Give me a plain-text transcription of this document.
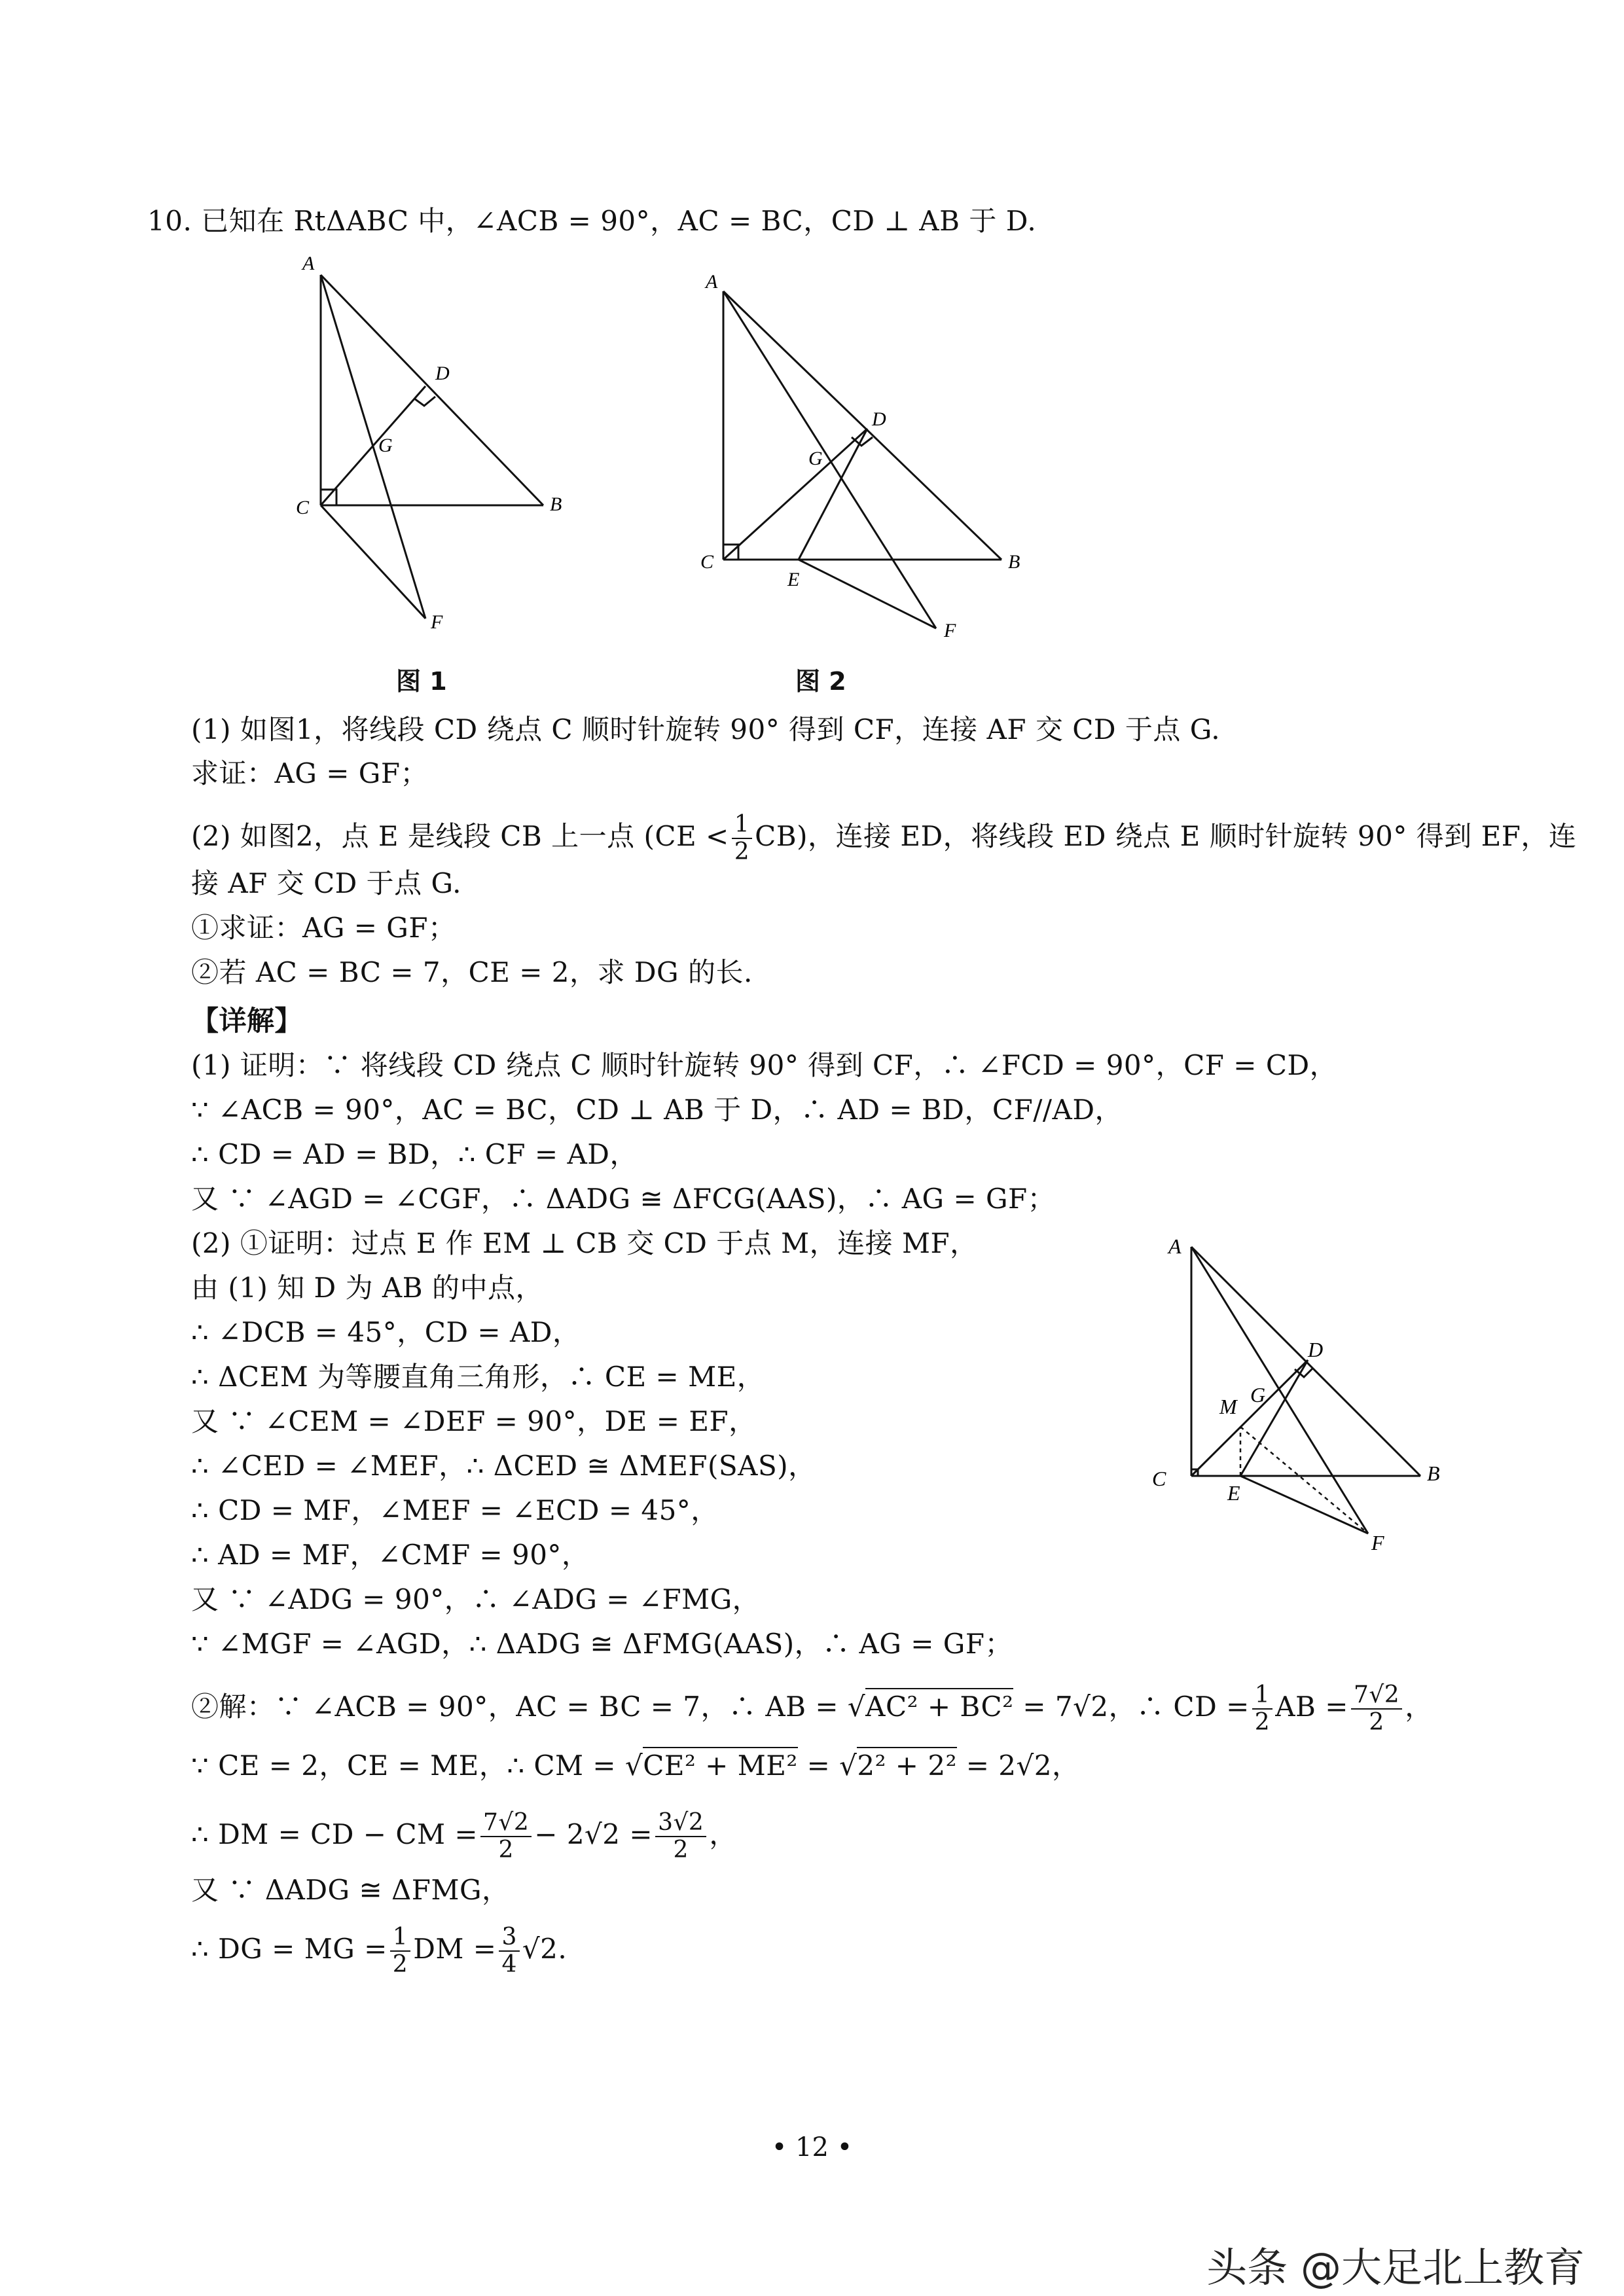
10. 已知在 RtΔABC 中，∠ACB = 90°，AC = BC，CD ⊥ AB 于 D.
A
D
G
C	B
F
图 1
A
D
G
C
E
B
F
图 2
(1) 如图1，将线段 CD 绕点 C 顺时针旋转 90° 得到 CF，连接 AF 交 CD 于点 G.
求证：AG = GF；
(2) 如图2，点 E 是线段 CB 上一点 $(CE < \frac{1}{2} CB)$，连接 ED，将线段 ED 绕点 E 顺时针旋转 90° 得到 EF，连
接 AF 交 CD 于点 G.
①求证：AG = GF；
②若 AC = BC = 7，CE = 2，求 DG 的长.
【详解】
(1) 证明：∵ 将线段 CD 绕点 C 顺时针旋转 90° 得到 CF，∴ ∠FCD = 90°，CF = CD，
∵ ∠ACB = 90°，AC = BC，CD ⊥ AB 于 D，∴ AD = BD，CF//AD，
∴ CD = AD = BD，∴ CF = AD，
又 ∵ ∠AGD = ∠CGF，∴ ΔADG ≅ ΔFCG(AAS)，∴ AG = GF；
(2) ①证明：过点 E 作 EM ⊥ CB 交 CD 于点 M，连接 MF，
由 (1) 知 D 为 AB 的中点，
∴ ∠DCB = 45°，CD = AD，
∴ ΔCEM 为等腰直角三角形，∴ CE = ME，
又 ∵ ∠CEM = ∠DEF = 90°，DE = EF，
∴ ∠CED = ∠MEF，∴ ΔCED ≅ ΔMEF(SAS)，
∴ CD = MF，∠MEF = ∠ECD = 45°，
∴ AD = MF，∠CMF = 90°，
又 ∵ ∠ADG = 90°，∴ ∠ADG = ∠FMG，
∵ ∠MGF = ∠AGD，∴ ΔADG ≅ ΔFMG(AAS)，∴ AG = GF；
A
D
G
M
C
E
B
F
②解：∵ ∠ACB = 90°，AC = BC = 7，∴ AB = √AC² + BC² = 7√2，∴ CD = $\frac{1}{2}$ AB = $\frac{7√2}{2}$ ，
∵ CE = 2，CE = ME，∴ CM = √CE² + ME² = √2² + 2² = 2√2，
∴ DM = CD − CM = $\frac{7√2}{2} - 2√2 = \frac{3√2}{2}$ ，
又 ∵ ΔADG ≅ ΔFMG，
∴ DG = MG = $\frac{1}{2}$ DM = $\frac{3}{4} √2$.
• 12 •
头条 @大足北上教育
